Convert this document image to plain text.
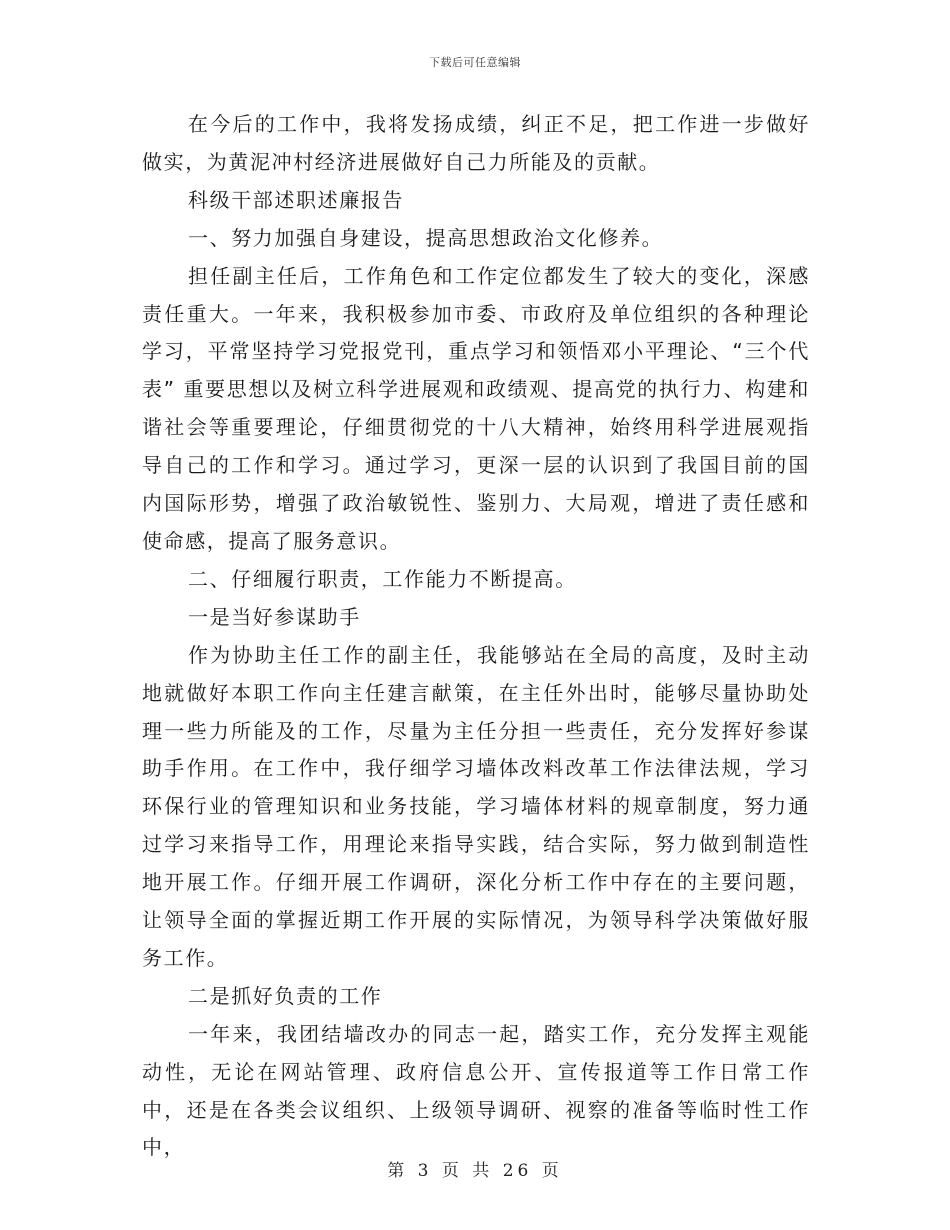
下载后可任意编辑

在今后的工作中，我将发扬成绩，纠正不足，把工作进一步做好做实，为黄泥冲村经济进展做好自己力所能及的贡献。

科级干部述职述廉报告

一、努力加强自身建设，提高思想政治文化修养。

担任副主任后，工作角色和工作定位都发生了较大的变化，深感责任重大。一年来，我积极参加市委、市政府及单位组织的各种理论学习，平常坚持学习党报党刊，重点学习和领悟邓小平理论、“三个代表” 重要思想以及树立科学进展观和政绩观、提高党的执行力、构建和谐社会等重要理论，仔细贯彻党的十八大精神，始终用科学进展观指导自己的工作和学习。通过学习，更深一层的认识到了我国目前的国内国际形势，增强了政治敏锐性、鉴别力、大局观，增进了责任感和使命感，提高了服务意识。

二、仔细履行职责，工作能力不断提高。

一是当好参谋助手

作为协助主任工作的副主任，我能够站在全局的高度，及时主动地就做好本职工作向主任建言献策，在主任外出时，能够尽量协助处理一些力所能及的工作，尽量为主任分担一些责任，充分发挥好参谋助手作用。在工作中，我仔细学习墙体改料改革工作法律法规，学习环保行业的管理知识和业务技能，学习墙体材料的规章制度，努力通过学习来指导工作，用理论来指导实践，结合实际，努力做到制造性地开展工作。仔细开展工作调研，深化分析工作中存在的主要问题，让领导全面的掌握近期工作开展的实际情况，为领导科学决策做好服务工作。

二是抓好负责的工作

一年来，我团结墙改办的同志一起，踏实工作，充分发挥主观能动性，无论在网站管理、政府信息公开、宣传报道等工作日常工作中，还是在各类会议组织、上级领导调研、视察的准备等临时性工作中，

第 3 页 共 26 页
